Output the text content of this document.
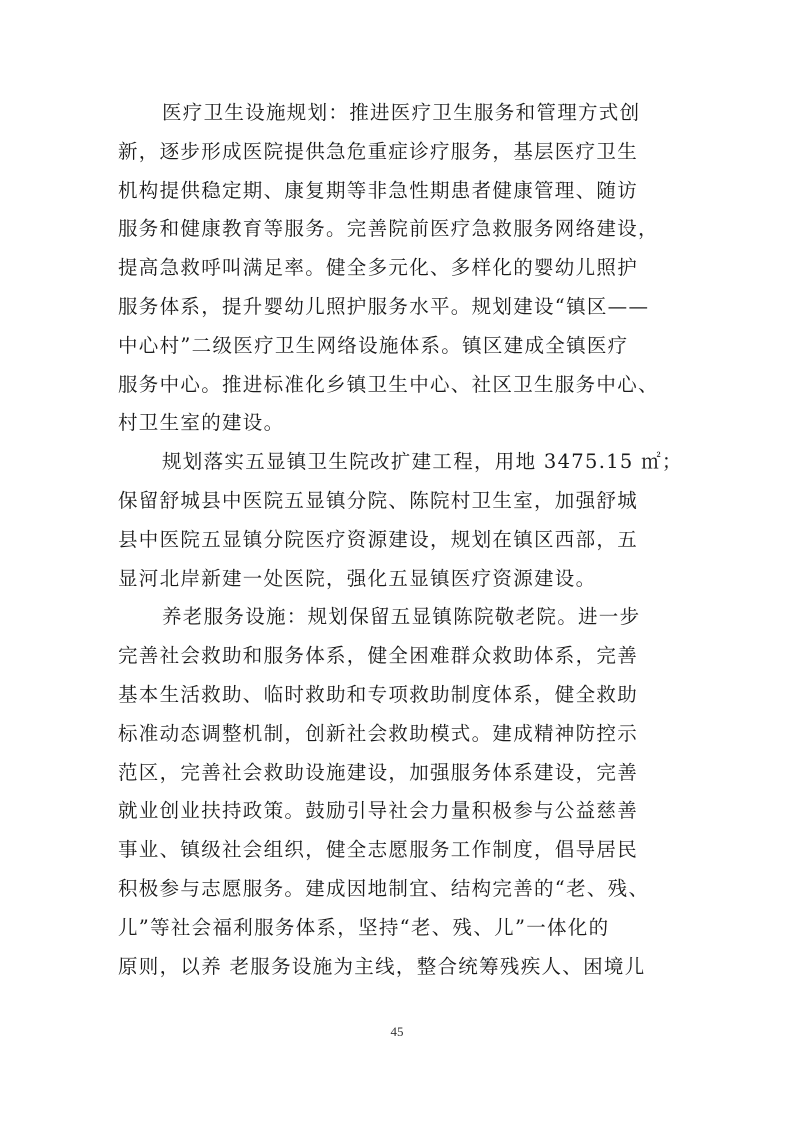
医疗卫生设施规划：推进医疗卫生服务和管理方式创
新，逐步形成医院提供急危重症诊疗服务，基层医疗卫生
机构提供稳定期、康复期等非急性期患者健康管理、随访
服务和健康教育等服务。完善院前医疗急救服务网络建设，
提高急救呼叫满足率。健全多元化、多样化的婴幼儿照护
服务体系，提升婴幼儿照护服务水平。规划建设“镇区——
中心村”二级医疗卫生网络设施体系。镇区建成全镇医疗
服务中心。推进标准化乡镇卫生中心、社区卫生服务中心、
村卫生室的建设。
规划落实五显镇卫生院改扩建工程，用地 3475.15 ㎡；
保留舒城县中医院五显镇分院、陈院村卫生室，加强舒城
县中医院五显镇分院医疗资源建设，规划在镇区西部，五
显河北岸新建一处医院，强化五显镇医疗资源建设。
养老服务设施：规划保留五显镇陈院敬老院。进一步
完善社会救助和服务体系，健全困难群众救助体系，完善
基本生活救助、临时救助和专项救助制度体系，健全救助
标准动态调整机制，创新社会救助模式。建成精神防控示
范区，完善社会救助设施建设，加强服务体系建设，完善
就业创业扶持政策。鼓励引导社会力量积极参与公益慈善
事业、镇级社会组织，健全志愿服务工作制度，倡导居民
积极参与志愿服务。建成因地制宜、结构完善的“老、残、
儿”等社会福利服务体系，坚持“老、残、儿”一体化的
原则，以养 老服务设施为主线，整合统筹残疾人、困境儿
45
